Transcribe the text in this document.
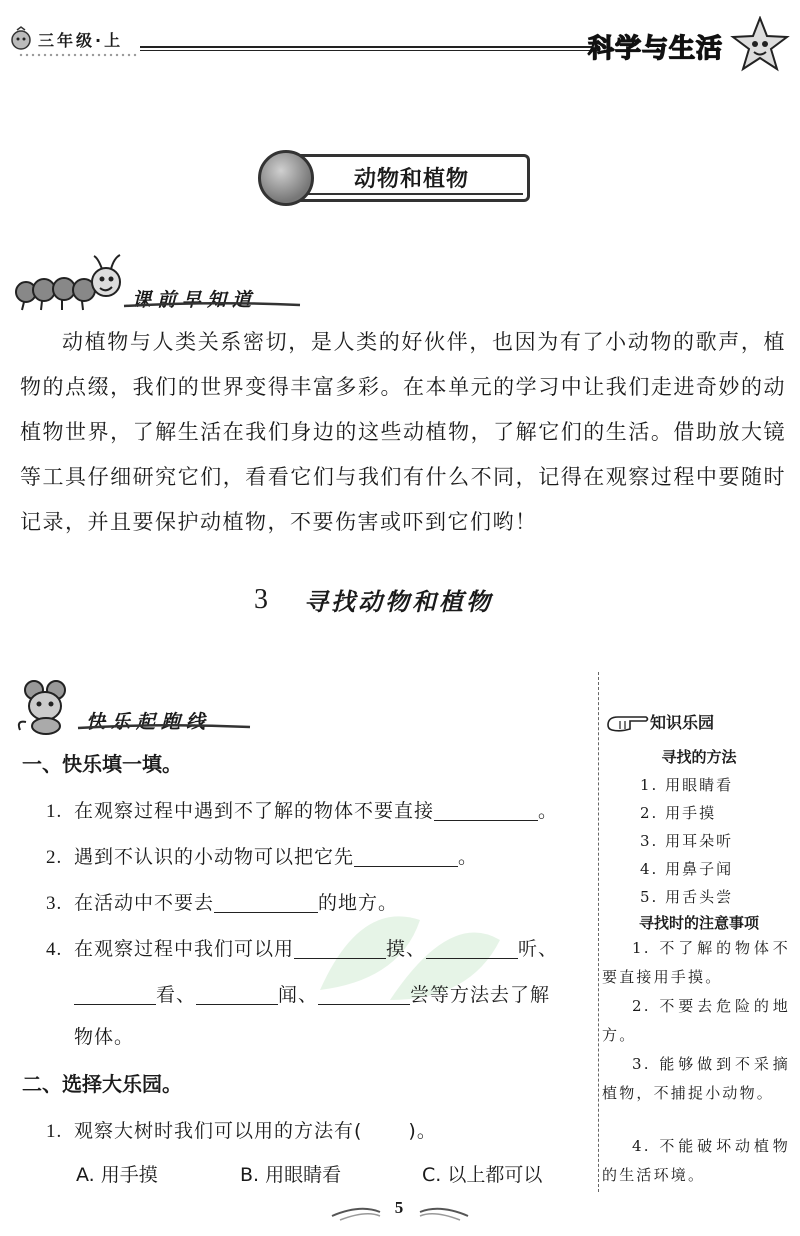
三年级·上	科学与生活
动物和植物
课前早知道

动植物与人类关系密切，是人类的好伙伴，也因为有了小动物的歌声，植物的点缀，我们的世界变得丰富多彩。在本单元的学习中让我们走进奇妙的动植物世界，了解生活在我们身边的这些动植物，了解它们的生活。借助放大镜等工具仔细研究它们，看看它们与我们有什么不同，记得在观察过程中要随时记录，并且要保护动植物，不要伤害或吓到它们哟！

3 寻找动物和植物
快乐起跑线
一、快乐填一填。
1. 在观察过程中遇到不了解的物体不要直接	。
2. 遇到不认识的小动物可以把它先	。
3. 在活动中不要去	的地方。
4. 在观察过程中我们可以用	摸、	听、
看、	闻、	尝等方法去了解
物体。
二、选择大乐园。
1. 观察大树时我们可以用的方法有( )。
A. 用手摸	B. 用眼睛看	C. 以上都可以
知识乐园
寻找的方法
1. 用眼睛看
2. 用手摸
3. 用耳朵听
4. 用鼻子闻
5. 用舌头尝
寻找时的注意事项

1. 不了解的物体不要直接用手摸。

2. 不要去危险的地方。

3. 能够做到不采摘植物，不捕捉小动物。

4. 不能破坏动植物的生活环境。

5
